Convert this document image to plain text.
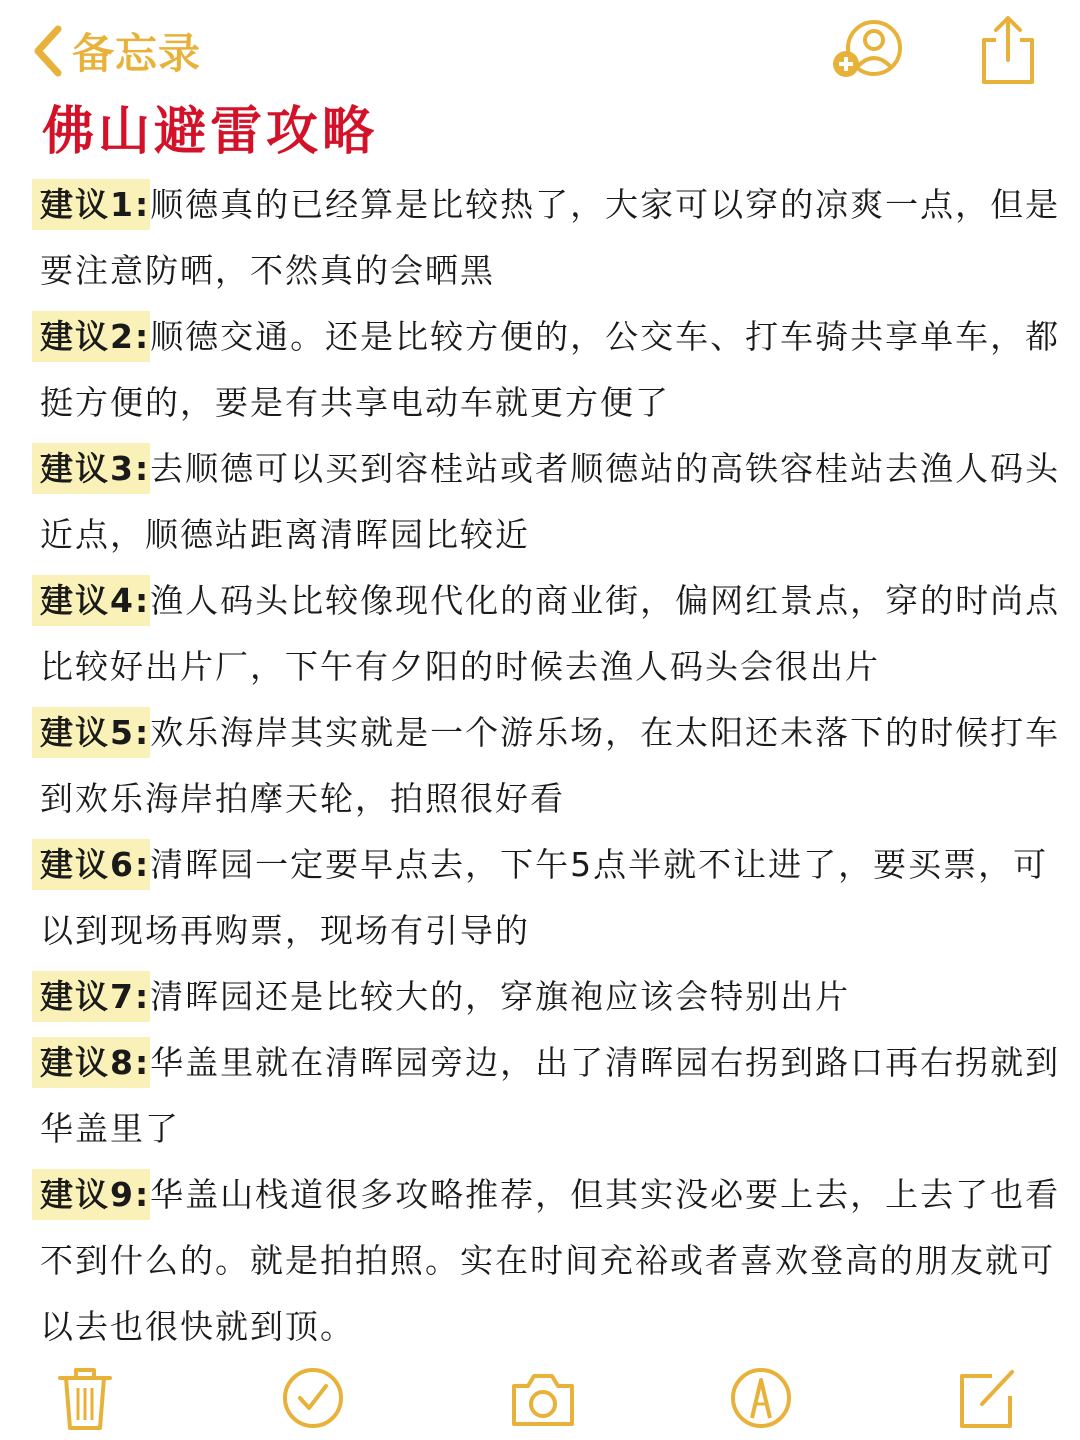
备忘录
佛山避雷攻略

建议1:顺德真的已经算是比较热了，大家可以穿的凉爽一点，但是要注意防晒，不然真的会晒黑

建议2:顺德交通。还是比较方便的，公交车、打车骑共享单车，都挺方便的，要是有共享电动车就更方便了

建议3:去顺德可以买到容桂站或者顺德站的高铁容桂站去渔人码头近点，顺德站距离清晖园比较近

建议4:渔人码头比较像现代化的商业街，偏网红景点，穿的时尚点比较好出片厂，下午有夕阳的时候去渔人码头会很出片

建议5:欢乐海岸其实就是一个游乐场，在太阳还未落下的时候打车到欢乐海岸拍摩天轮，拍照很好看

建议6:清晖园一定要早点去，下午5点半就不让进了，要买票，可以到现场再购票，现场有引导的

建议7:清晖园还是比较大的，穿旗袍应该会特别出片

建议8:华盖里就在清晖园旁边，出了清晖园右拐到路口再右拐就到华盖里了

建议9:华盖山栈道很多攻略推荐，但其实没必要上去，上去了也看不到什么的。就是拍拍照。实在时间充裕或者喜欢登高的朋友就可以去也很快就到顶。
